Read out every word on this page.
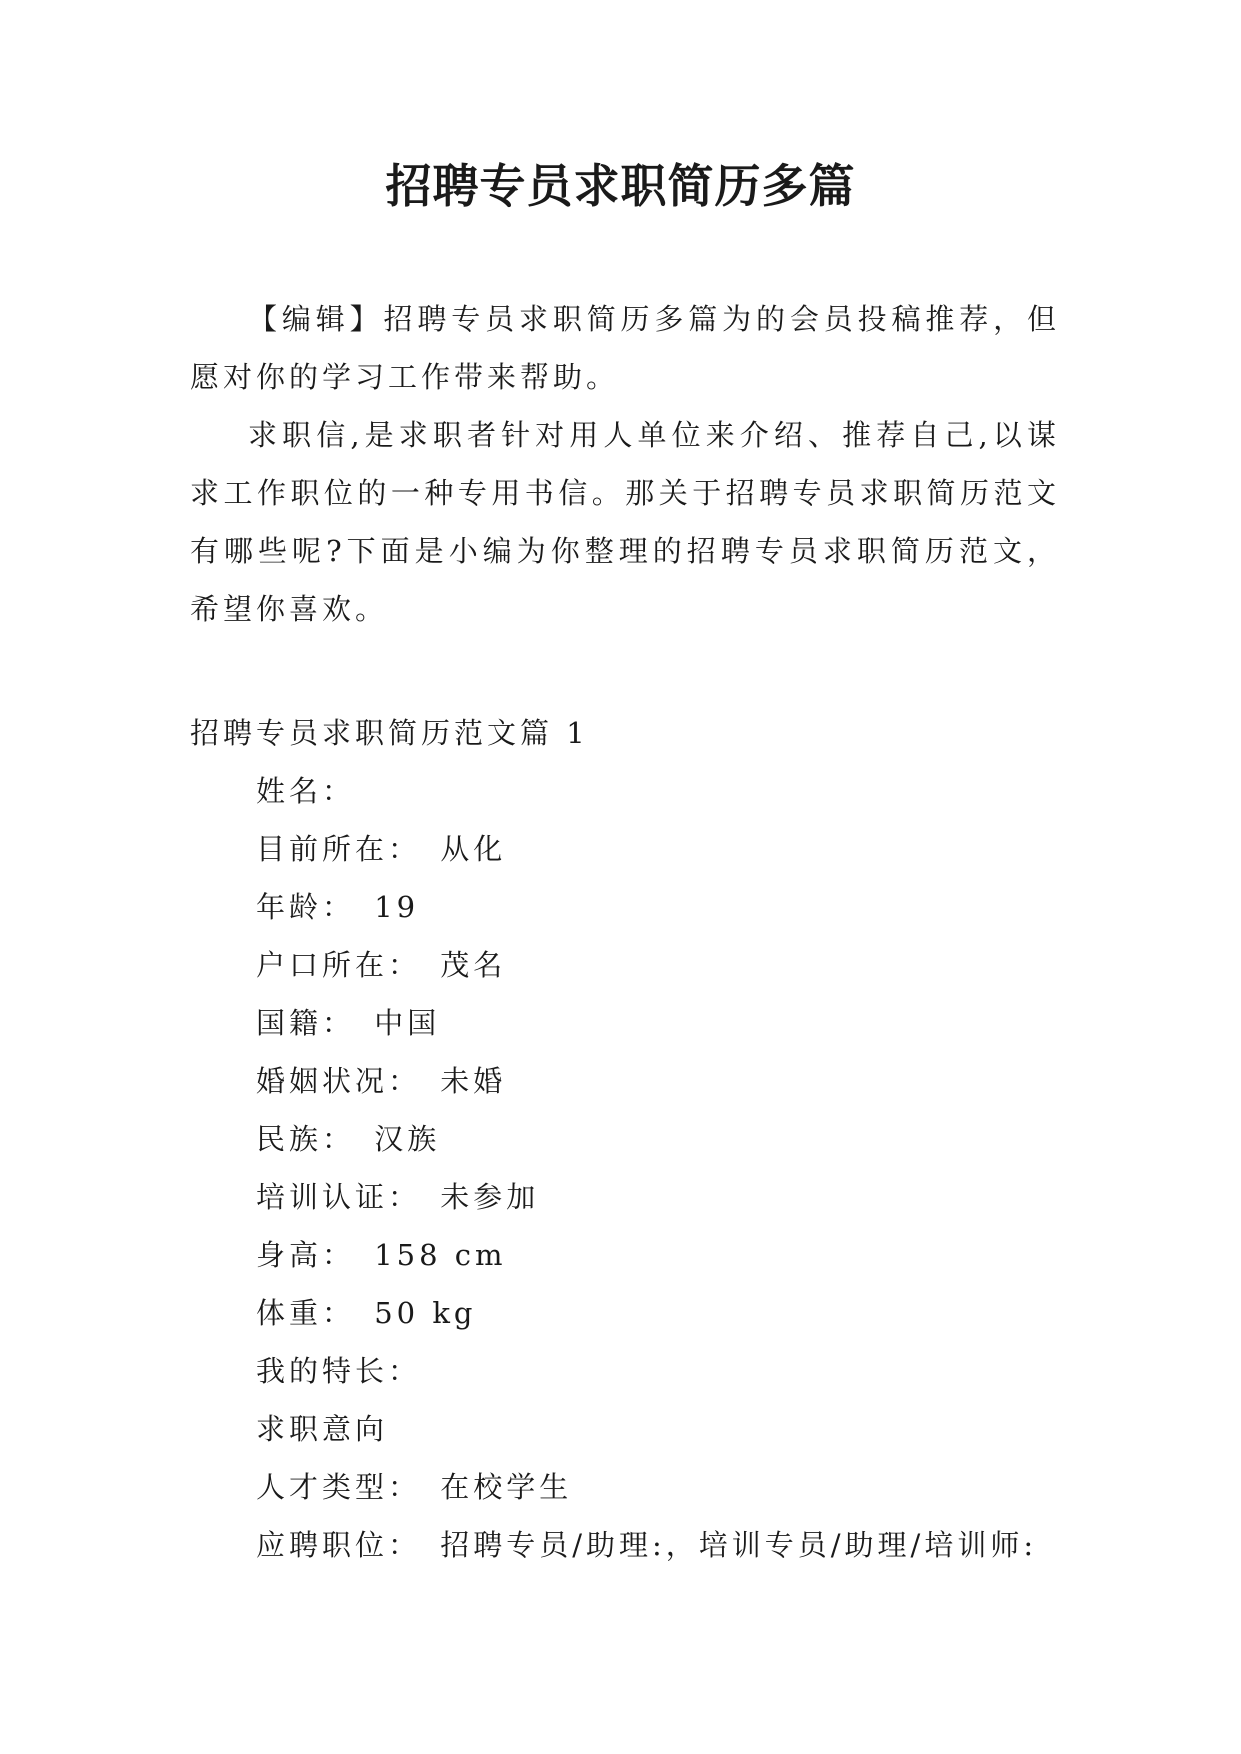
招聘专员求职简历多篇

【编辑】招聘专员求职简历多篇为的会员投稿推荐，但愿对你的学习工作带来帮助。

求职信,是求职者针对用人单位来介绍、推荐自己,以谋求工作职位的一种专用书信。那关于招聘专员求职简历范文有哪些呢?下面是小编为你整理的招聘专员求职简历范文，希望你喜欢。

招聘专员求职简历范文篇 1

姓名：
目前所在： 从化
年龄： 19
户口所在： 茂名
国籍： 中国
婚姻状况： 未婚
民族： 汉族
培训认证： 未参加
身高： 158 cm
体重： 50 kg
我的特长：
求职意向
人才类型： 在校学生
应聘职位： 招聘专员/助理:，培训专员/助理/培训师:
